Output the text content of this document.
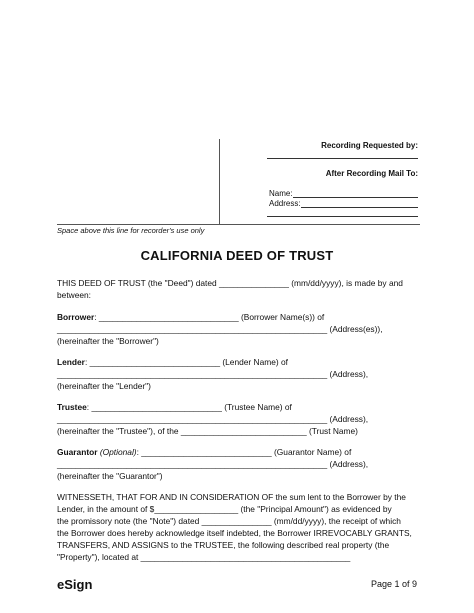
Recording Requested by:
After Recording Mail To:
Name:
Address:
Space above this line for recorder's use only
CALIFORNIA DEED OF TRUST
THIS DEED OF TRUST (the "Deed") dated _______________ (mm/dd/yyyy), is made by and
between:
Borrower: ______________________________ (Borrower Name(s)) of
__________________________________________________________ (Address(es)),
(hereinafter the "Borrower")
Lender: ____________________________ (Lender Name) of
__________________________________________________________ (Address),
(hereinafter the "Lender")
Trustee: ____________________________ (Trustee Name) of
__________________________________________________________ (Address),
(hereinafter the "Trustee"), of the ___________________________ (Trust Name)
Guarantor (Optional): ____________________________ (Guarantor Name) of
__________________________________________________________ (Address),
(hereinafter the "Guarantor")
WITNESSETH, THAT FOR AND IN CONSIDERATION OF the sum lent to the Borrower by the
Lender, in the amount of $__________________ (the "Principal Amount") as evidenced by
the promissory note (the "Note") dated _______________ (mm/dd/yyyy), the receipt of which
the Borrower does hereby acknowledge itself indebted, the Borrower IRREVOCABLY GRANTS,
TRANSFERS, AND ASSIGNS to the TRUSTEE, the following described real property (the
"Property"), located at _____________________________________________
eSign	Page 1 of 9
